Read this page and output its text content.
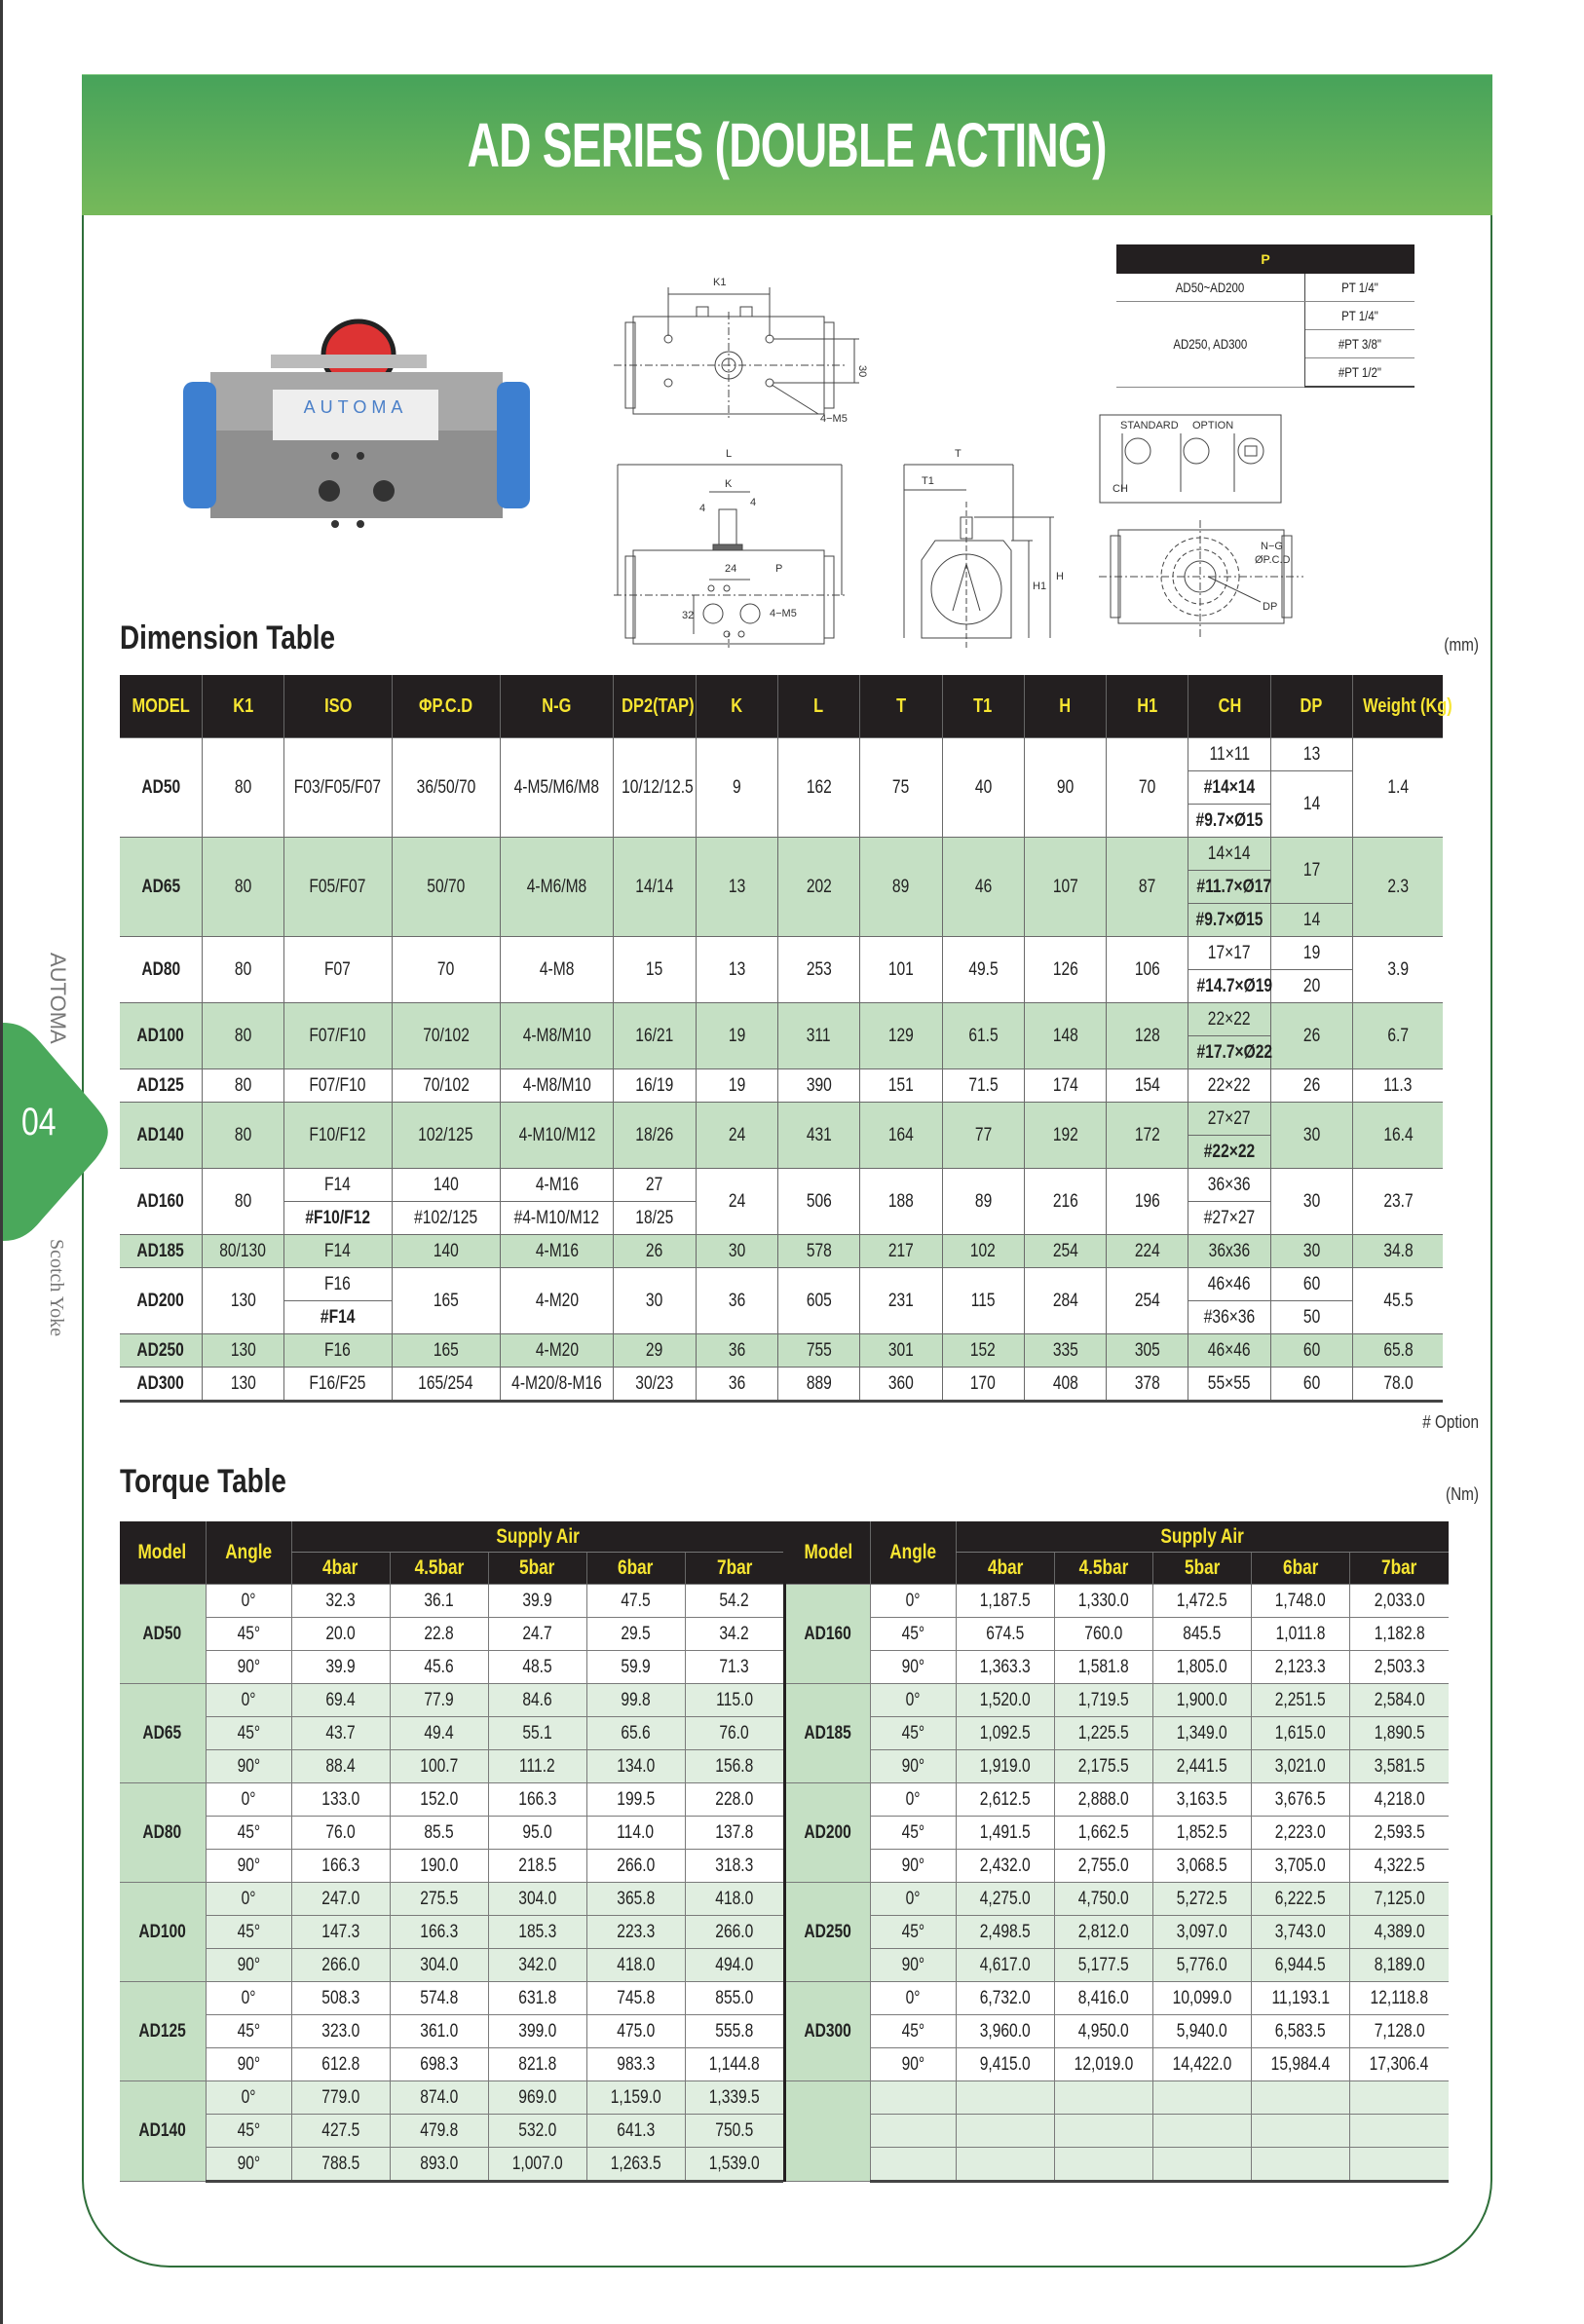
AD SERIES (DOUBLE ACTING)
AUTOMA
04
Scotch Yoke
AUTOMA
K1
30
4−M5
L
K
4	4
24	P
32	4−M5
T
T1
H
H1
STANDARD OPTION
CH
N−G
ØP.C.D
DP
P	
AD50~AD200	PT 1/4"
AD250, AD300	PT 1/4"
	#PT 3/8"
	#PT 1/2"
Dimension Table	(mm)
MODEL	K1	ISO	ΦP.C.D	N-G	DP2(TAP)	K	L	T	T1	H	H1	CH	DP	Weight (Kg)
AD50	80	F03/F05/F07	36/50/70	4-M5/M6/M8	10/12/12.5	9	162	75	40	90	70	11×11	13	1.4
												#14×14	14	
												#9.7×Ø15		
AD65	80	F05/F07	50/70	4-M6/M8	14/14	13	202	89	46	107	87	14×14	17	2.3
												#11.7×Ø17		
												#9.7×Ø15	14	
AD80	80	F07	70	4-M8	15	13	253	101	49.5	126	106	17×17	19	3.9
												#14.7×Ø19	20	
AD100	80	F07/F10	70/102	4-M8/M10	16/21	19	311	129	61.5	148	128	22×22	26	6.7
												#17.7×Ø22		
AD125	80	F07/F10	70/102	4-M8/M10	16/19	19	390	151	71.5	174	154	22×22	26	11.3
AD140	80	F10/F12	102/125	4-M10/M12	18/26	24	431	164	77	192	172	27×27	30	16.4
												#22×22		
AD160	80	F14	140	4-M16	27	24	506	188	89	216	196	36×36	30	23.7
		#F10/F12	#102/125	#4-M10/M12	18/25							#27×27		
AD185	80/130	F14	140	4-M16	26	30	578	217	102	254	224	36x36	30	34.8
AD200	130	F16	165	4-M20	30	36	605	231	115	284	254	46×46	60	45.5
		#F14										#36×36	50	
AD250	130	F16	165	4-M20	29	36	755	301	152	335	305	46×46	60	65.8
AD300	130	F16/F25	165/254	4-M20/8-M16	30/23	36	889	360	170	408	378	55×55	60	78.0
# Option
Torque Table	(Nm)
Model	Angle	Supply Air				
		4bar	4.5bar	5bar	6bar	7bar
AD50	0°	32.3	36.1	39.9	47.5	54.2
	45°	20.0	22.8	24.7	29.5	34.2
	90°	39.9	45.6	48.5	59.9	71.3
AD65	0°	69.4	77.9	84.6	99.8	115.0
	45°	43.7	49.4	55.1	65.6	76.0
	90°	88.4	100.7	111.2	134.0	156.8
AD80	0°	133.0	152.0	166.3	199.5	228.0
	45°	76.0	85.5	95.0	114.0	137.8
	90°	166.3	190.0	218.5	266.0	318.3
AD100	0°	247.0	275.5	304.0	365.8	418.0
	45°	147.3	166.3	185.3	223.3	266.0
	90°	266.0	304.0	342.0	418.0	494.0
AD125	0°	508.3	574.8	631.8	745.8	855.0
	45°	323.0	361.0	399.0	475.0	555.8
	90°	612.8	698.3	821.8	983.3	1,144.8
AD140	0°	779.0	874.0	969.0	1,159.0	1,339.5
	45°	427.5	479.8	532.0	641.3	750.5
	90°	788.5	893.0	1,007.0	1,263.5	1,539.0
Model	Angle	Supply Air				
		4bar	4.5bar	5bar	6bar	7bar
AD160	0°	1,187.5	1,330.0	1,472.5	1,748.0	2,033.0
	45°	674.5	760.0	845.5	1,011.8	1,182.8
	90°	1,363.3	1,581.8	1,805.0	2,123.3	2,503.3
AD185	0°	1,520.0	1,719.5	1,900.0	2,251.5	2,584.0
	45°	1,092.5	1,225.5	1,349.0	1,615.0	1,890.5
	90°	1,919.0	2,175.5	2,441.5	3,021.0	3,581.5
AD200	0°	2,612.5	2,888.0	3,163.5	3,676.5	4,218.0
	45°	1,491.5	1,662.5	1,852.5	2,223.0	2,593.5
	90°	2,432.0	2,755.0	3,068.5	3,705.0	4,322.5
AD250	0°	4,275.0	4,750.0	5,272.5	6,222.5	7,125.0
	45°	2,498.5	2,812.0	3,097.0	3,743.0	4,389.0
	90°	4,617.0	5,177.5	5,776.0	6,944.5	8,189.0
AD300	0°	6,732.0	8,416.0	10,099.0	11,193.1	12,118.8
	45°	3,960.0	4,950.0	5,940.0	6,583.5	7,128.0
	90°	9,415.0	12,019.0	14,422.0	15,984.4	17,306.4
